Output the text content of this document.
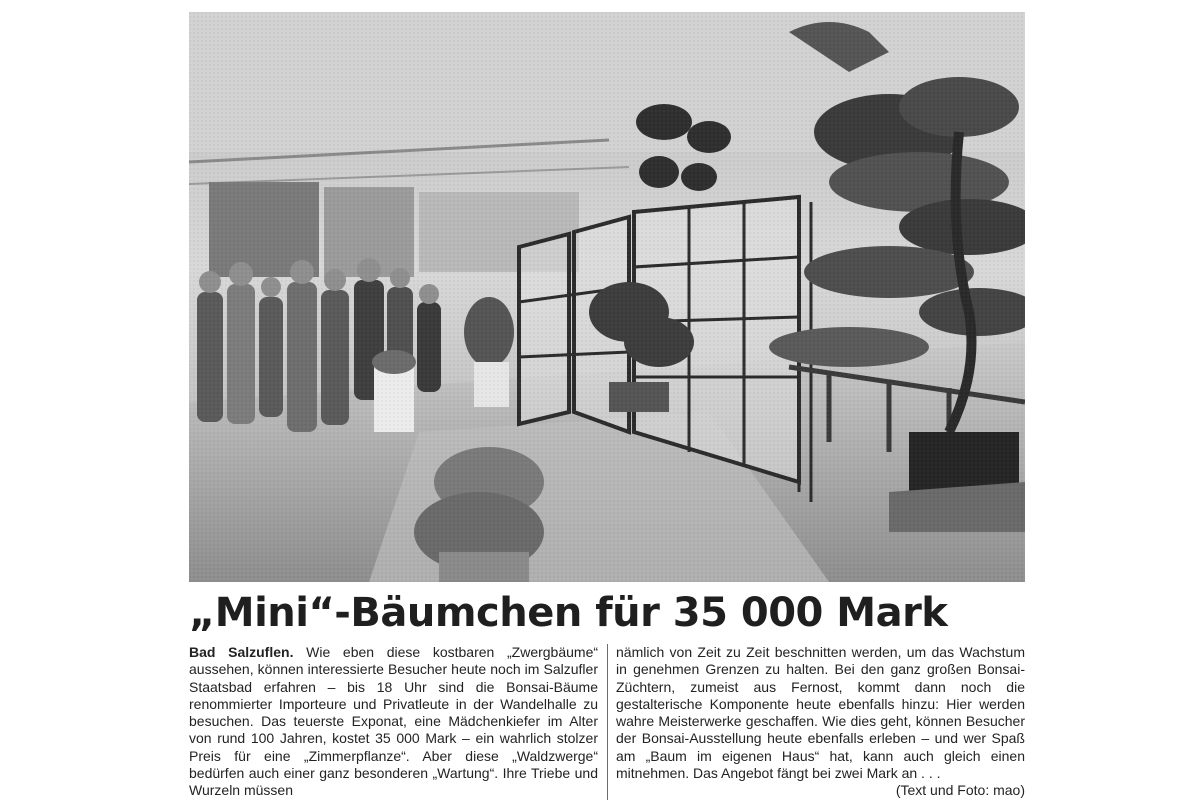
„Mini“-Bäumchen für 35 000 Mark

Bad Salzuflen. Wie eben diese kostbaren „Zwergbäume“ aussehen, können interessierte Besucher heute noch im Salzufler Staatsbad erfahren – bis 18 Uhr sind die Bonsai-Bäume renommierter Importeure und Privatleute in der Wandelhalle zu besuchen. Das teuerste Exponat, eine Mädchenkiefer im Alter von rund 100 Jahren, kostet 35 000 Mark – ein wahrlich stolzer Preis für eine „Zimmerpflanze“. Aber diese „Waldzwerge“ bedürfen auch einer ganz besonderen „Wartung“. Ihre Triebe und Wurzeln müssen

nämlich von Zeit zu Zeit beschnitten werden, um das Wachstum in genehmen Grenzen zu halten. Bei den ganz großen Bonsai-Züchtern, zumeist aus Fernost, kommt dann noch die gestalterische Komponente heute ebenfalls hinzu: Hier werden wahre Meisterwerke geschaffen. Wie dies geht, können Besucher der Bonsai-Ausstellung heute ebenfalls erleben – und wer Spaß am „Baum im eigenen Haus“ hat, kann auch gleich einen mitnehmen. Das Angebot fängt bei zwei Mark an . . .
(Text und Foto: mao)
